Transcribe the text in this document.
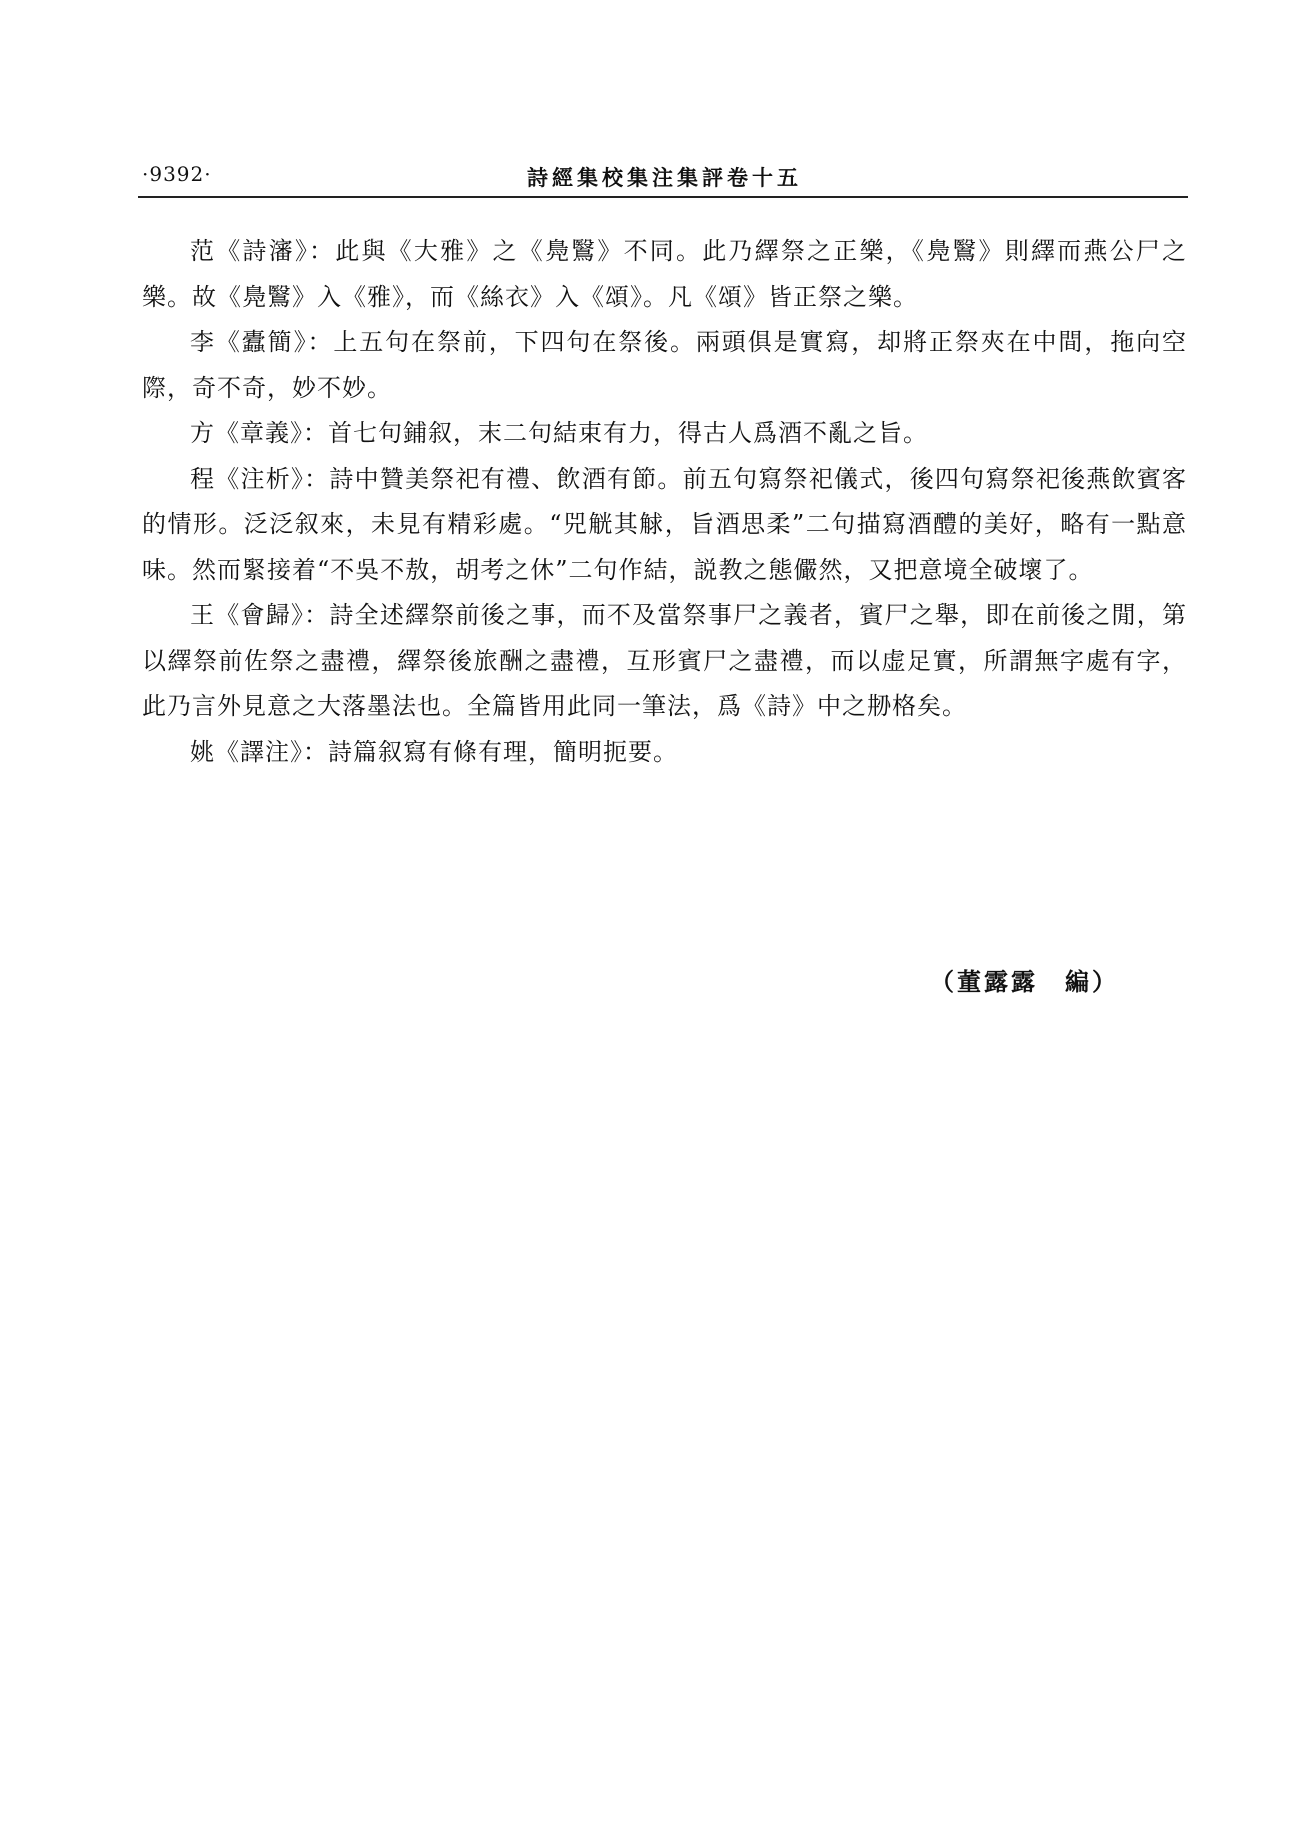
·9392·	詩經集校集注集評卷十五

范《詩瀋》：此與《大雅》之《鳧鷖》不同。此乃繹祭之正樂，《鳧鷖》則繹而燕公尸之樂。故《鳧鷖》入《雅》，而《絲衣》入《頌》。凡《頌》皆正祭之樂。

李《蠹簡》：上五句在祭前，下四句在祭後。兩頭俱是實寫，却將正祭夾在中間，拖向空際，奇不奇，妙不妙。

方《章義》：首七句鋪叙，末二句結束有力，得古人爲酒不亂之旨。

程《注析》：詩中贊美祭祀有禮、飲酒有節。前五句寫祭祀儀式，後四句寫祭祀後燕飲賓客的情形。泛泛叙來，未見有精彩處。“兕觥其觩，旨酒思柔”二句描寫酒醴的美好，略有一點意味。然而緊接着“不吳不敖，胡考之休”二句作結，説教之態儼然，又把意境全破壞了。

王《會歸》：詩全述繹祭前後之事，而不及當祭事尸之義者，賓尸之舉，即在前後之閒，第以繹祭前佐祭之盡禮，繹祭後旅酬之盡禮，互形賓尸之盡禮，而以虚足實，所謂無字處有字，此乃言外見意之大落墨法也。全篇皆用此同一筆法，爲《詩》中之刱格矣。

姚《譯注》：詩篇叙寫有條有理，簡明扼要。

（董露露　編）
